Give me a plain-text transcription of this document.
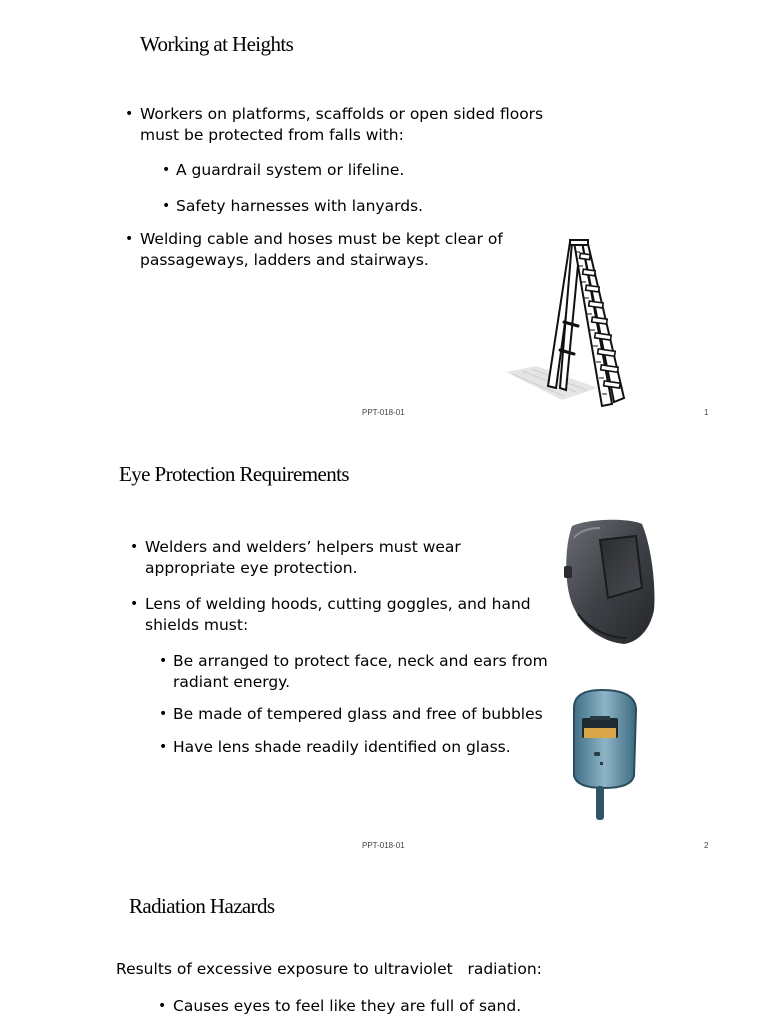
Working at Heights
• Workers on platforms, scaffolds or open sided floors must be protected from falls with:
• A guardrail system or lifeline.
• Safety harnesses with lanyards.
• Welding cable and hoses must be kept clear of passageways, ladders and stairways.
PPT-018-01	1
Eye Protection Requirements
• Welders and welders’ helpers must wear appropriate eye protection.
• Lens of welding hoods, cutting goggles, and hand shields must:
• Be arranged to protect face, neck and ears from radiant energy.
• Be made of tempered glass and free of bubbles
• Have lens shade readily identified on glass.
PPT-018-01	2
Radiation Hazards
Results of excessive exposure to ultraviolet   radiation:
• Causes eyes to feel like they are full of sand.
